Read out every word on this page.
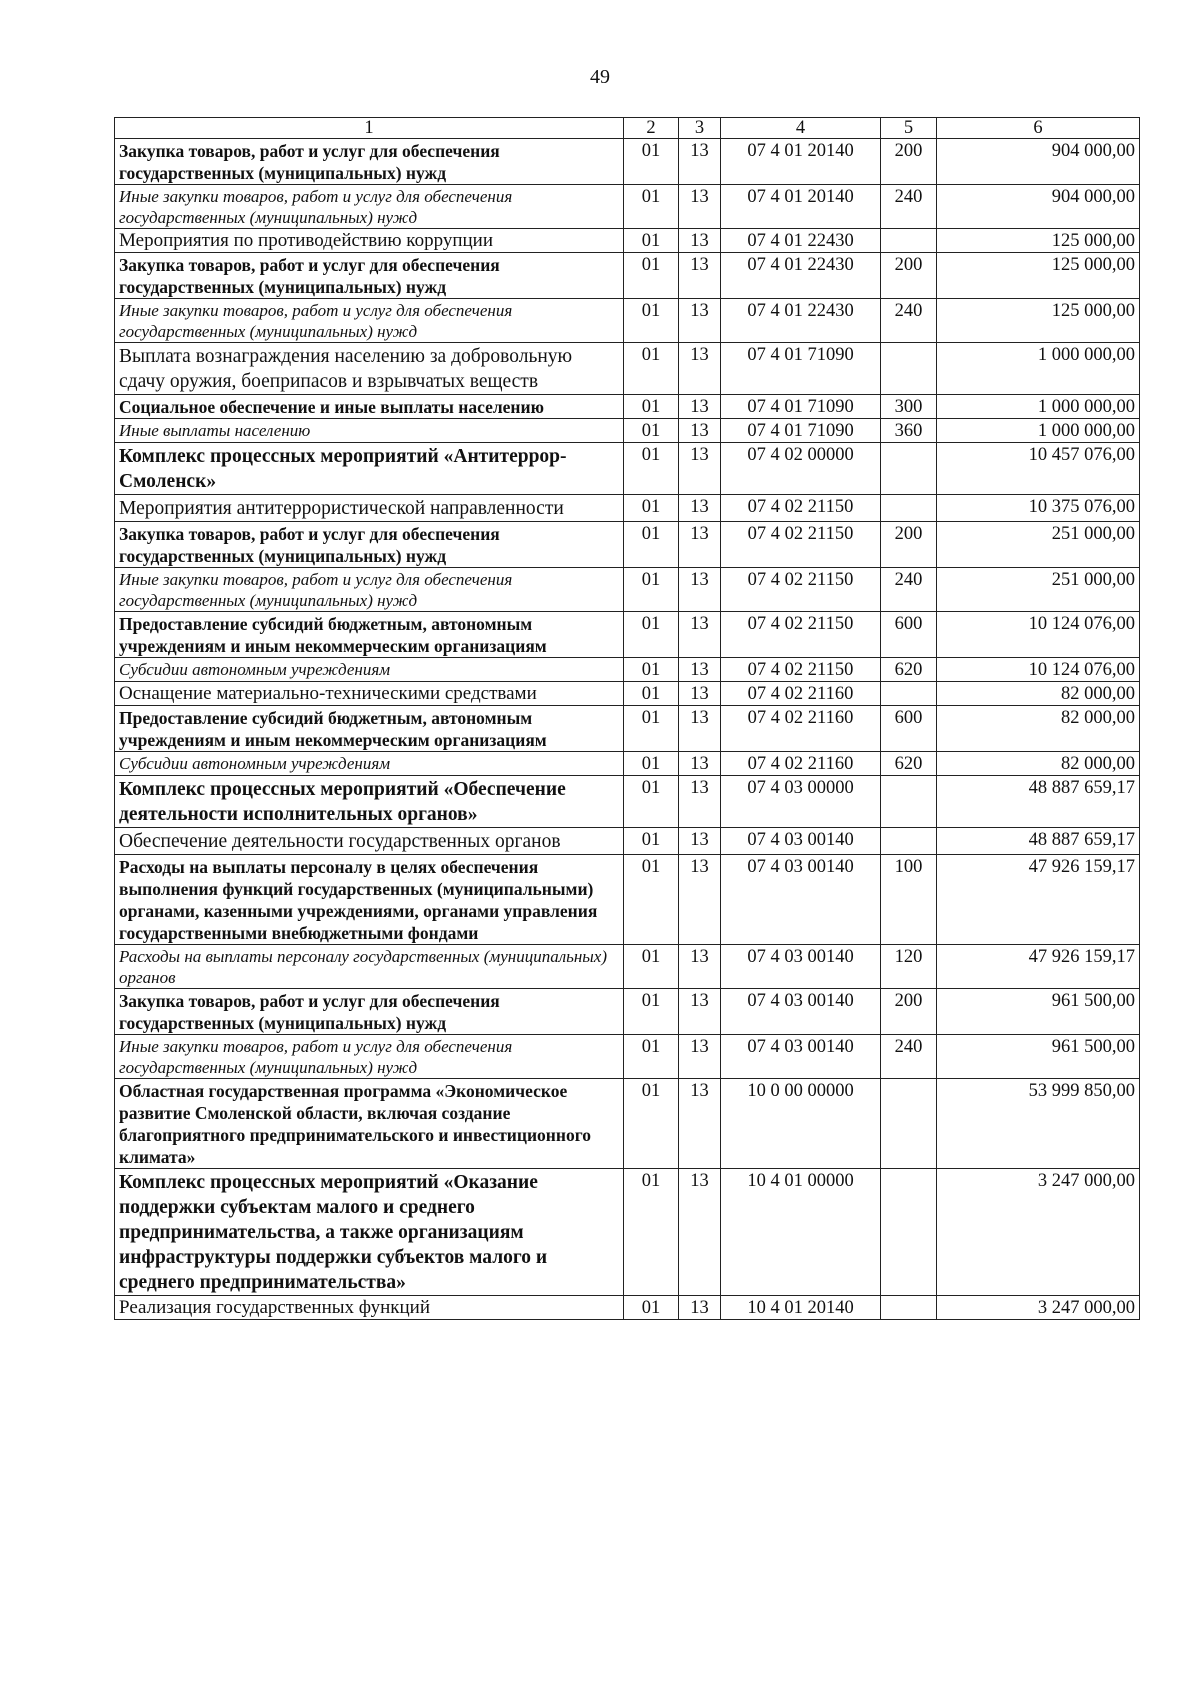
49
1	2	3	4	5	6
Закупка товаров, работ и услуг для обеспечения государственных (муниципальных) нужд	01	13	07 4 01 20140	200	904 000,00
Иные закупки товаров, работ и услуг для обеспечения государственных (муниципальных) нужд	01	13	07 4 01 20140	240	904 000,00
Мероприятия по противодействию коррупции	01	13	07 4 01 22430		125 000,00
Закупка товаров, работ и услуг для обеспечения государственных (муниципальных) нужд	01	13	07 4 01 22430	200	125 000,00
Иные закупки товаров, работ и услуг для обеспечения государственных (муниципальных) нужд	01	13	07 4 01 22430	240	125 000,00
Выплата вознаграждения населению за добровольную сдачу оружия, боеприпасов и взрывчатых веществ	01	13	07 4 01 71090		1 000 000,00
Социальное обеспечение и иные выплаты населению	01	13	07 4 01 71090	300	1 000 000,00
Иные выплаты населению	01	13	07 4 01 71090	360	1 000 000,00
Комплекс процессных мероприятий «Антитеррор-Смоленск»	01	13	07 4 02 00000		10 457 076,00
Мероприятия антитеррористической направленности	01	13	07 4 02 21150		10 375 076,00
Закупка товаров, работ и услуг для обеспечения государственных (муниципальных) нужд	01	13	07 4 02 21150	200	251 000,00
Иные закупки товаров, работ и услуг для обеспечения государственных (муниципальных) нужд	01	13	07 4 02 21150	240	251 000,00
Предоставление субсидий бюджетным, автономным учреждениям и иным некоммерческим организациям	01	13	07 4 02 21150	600	10 124 076,00
Субсидии автономным учреждениям	01	13	07 4 02 21150	620	10 124 076,00
Оснащение материально-техническими средствами	01	13	07 4 02 21160		82 000,00
Предоставление субсидий бюджетным, автономным учреждениям и иным некоммерческим организациям	01	13	07 4 02 21160	600	82 000,00
Субсидии автономным учреждениям	01	13	07 4 02 21160	620	82 000,00
Комплекс процессных мероприятий «Обеспечение деятельности исполнительных органов»	01	13	07 4 03 00000		48 887 659,17
Обеспечение деятельности государственных органов	01	13	07 4 03 00140		48 887 659,17
Расходы на выплаты персоналу в целях обеспечения выполнения функций государственных (муниципальными) органами, казенными учреждениями, органами управления государственными внебюджетными фондами	01	13	07 4 03 00140	100	47 926 159,17
Расходы на выплаты персоналу государственных (муниципальных) органов	01	13	07 4 03 00140	120	47 926 159,17
Закупка товаров, работ и услуг для обеспечения государственных (муниципальных) нужд	01	13	07 4 03 00140	200	961 500,00
Иные закупки товаров, работ и услуг для обеспечения государственных (муниципальных) нужд	01	13	07 4 03 00140	240	961 500,00
Областная государственная программа «Экономическое развитие Смоленской области, включая создание благоприятного предпринимательского и инвестиционного климата»	01	13	10 0 00 00000		53 999 850,00
Комплекс процессных мероприятий «Оказание поддержки субъектам малого и среднего предпринимательства, а также организациям инфраструктуры поддержки субъектов малого и среднего предпринимательства»	01	13	10 4 01 00000		3 247 000,00
Реализация государственных функций	01	13	10 4 01 20140		3 247 000,00
